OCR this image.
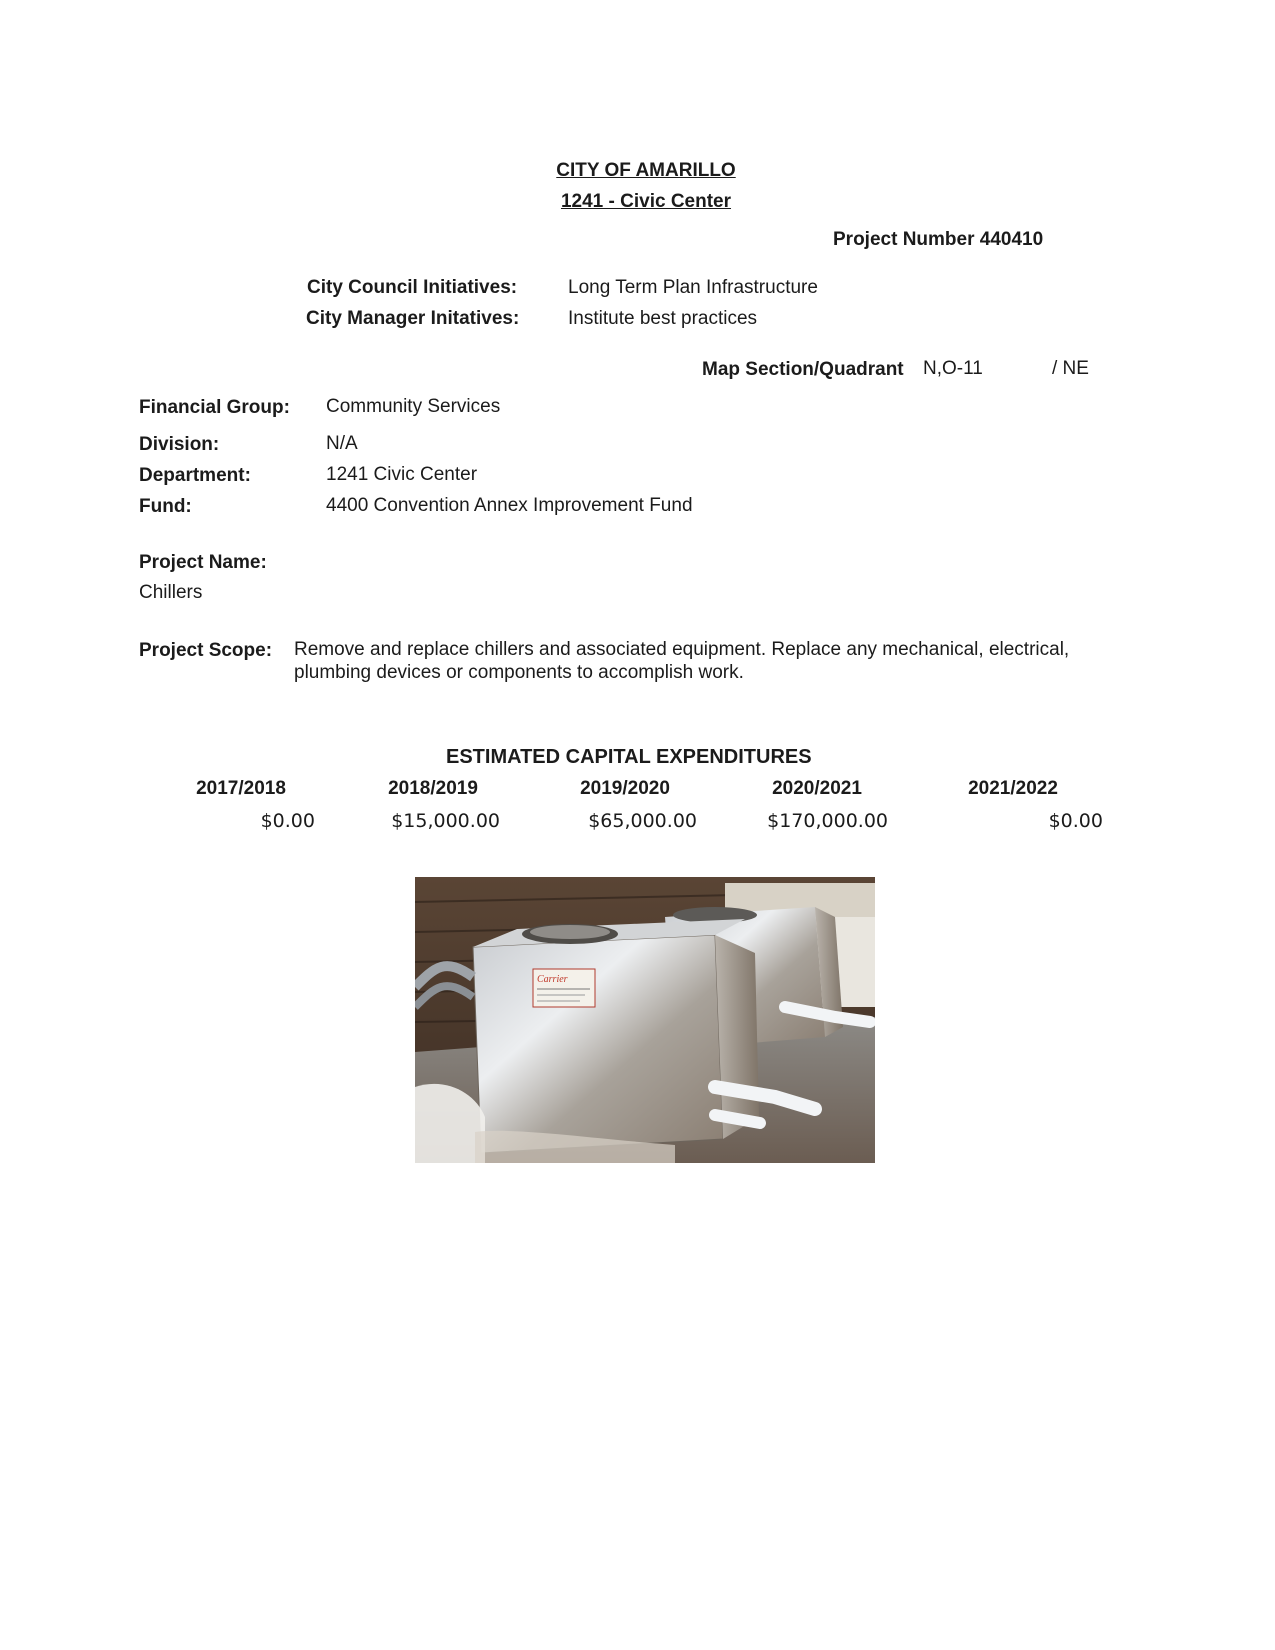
CITY OF AMARILLO
1241 - Civic Center
Project Number 440410
City Council Initiatives:	Long Term Plan Infrastructure
City Manager Initatives:	Institute best practices
Map Section/Quadrant N,O-11	/ NE
Financial Group: Community Services
Division:	N/A
Department:	1241 Civic Center
Fund:	4400 Convention Annex Improvement Fund
Project Name:
Chillers
Project Scope: Remove and replace chillers and associated equipment. Replace any mechanical, electrical,
plumbing devices or components to accomplish work.
ESTIMATED CAPITAL EXPENDITURES
2017/2018	2018/2019	2019/2020	2020/2021	2021/2022
$0.00	$15,000.00	$65,000.00	$170,000.00	$0.00
Carrier
